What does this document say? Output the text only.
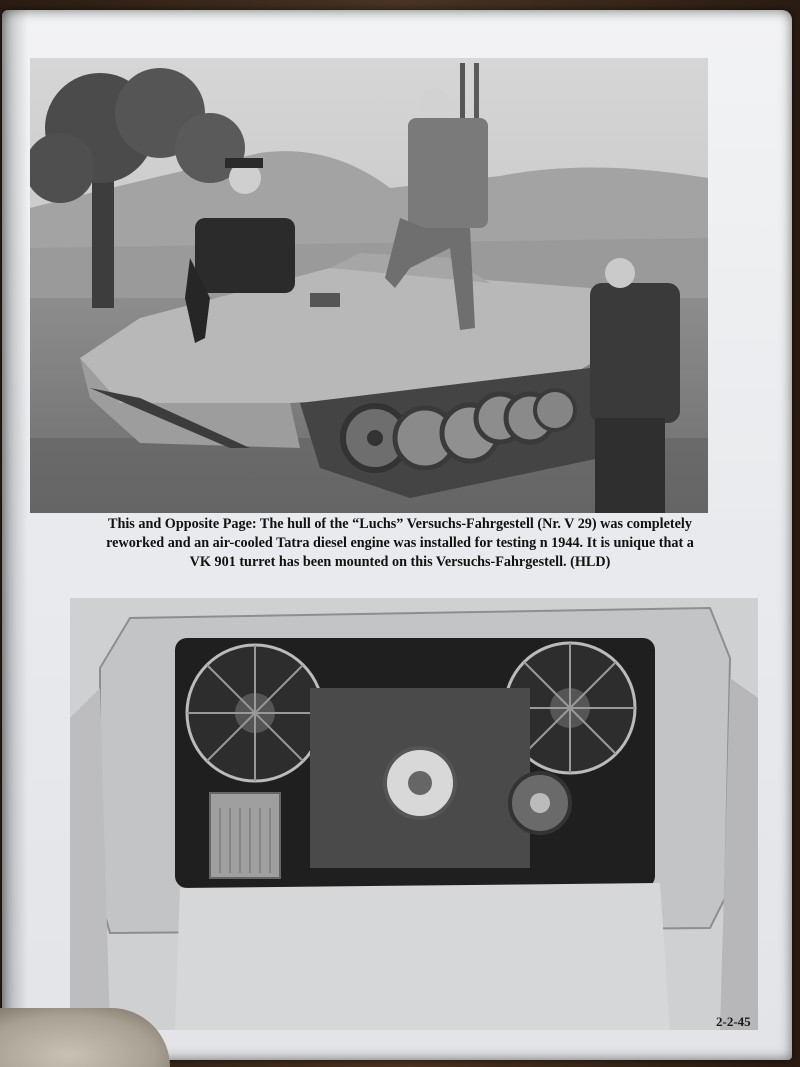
This and Opposite Page: The hull of the “Luchs” Versuchs-Fahrgestell (Nr. V 29) was completely
reworked and an air-cooled Tatra diesel engine was installed for testing n 1944. It is unique that a
VK 901 turret has been mounted on this Versuchs-Fahrgestell. (HLD)
2-2-45
